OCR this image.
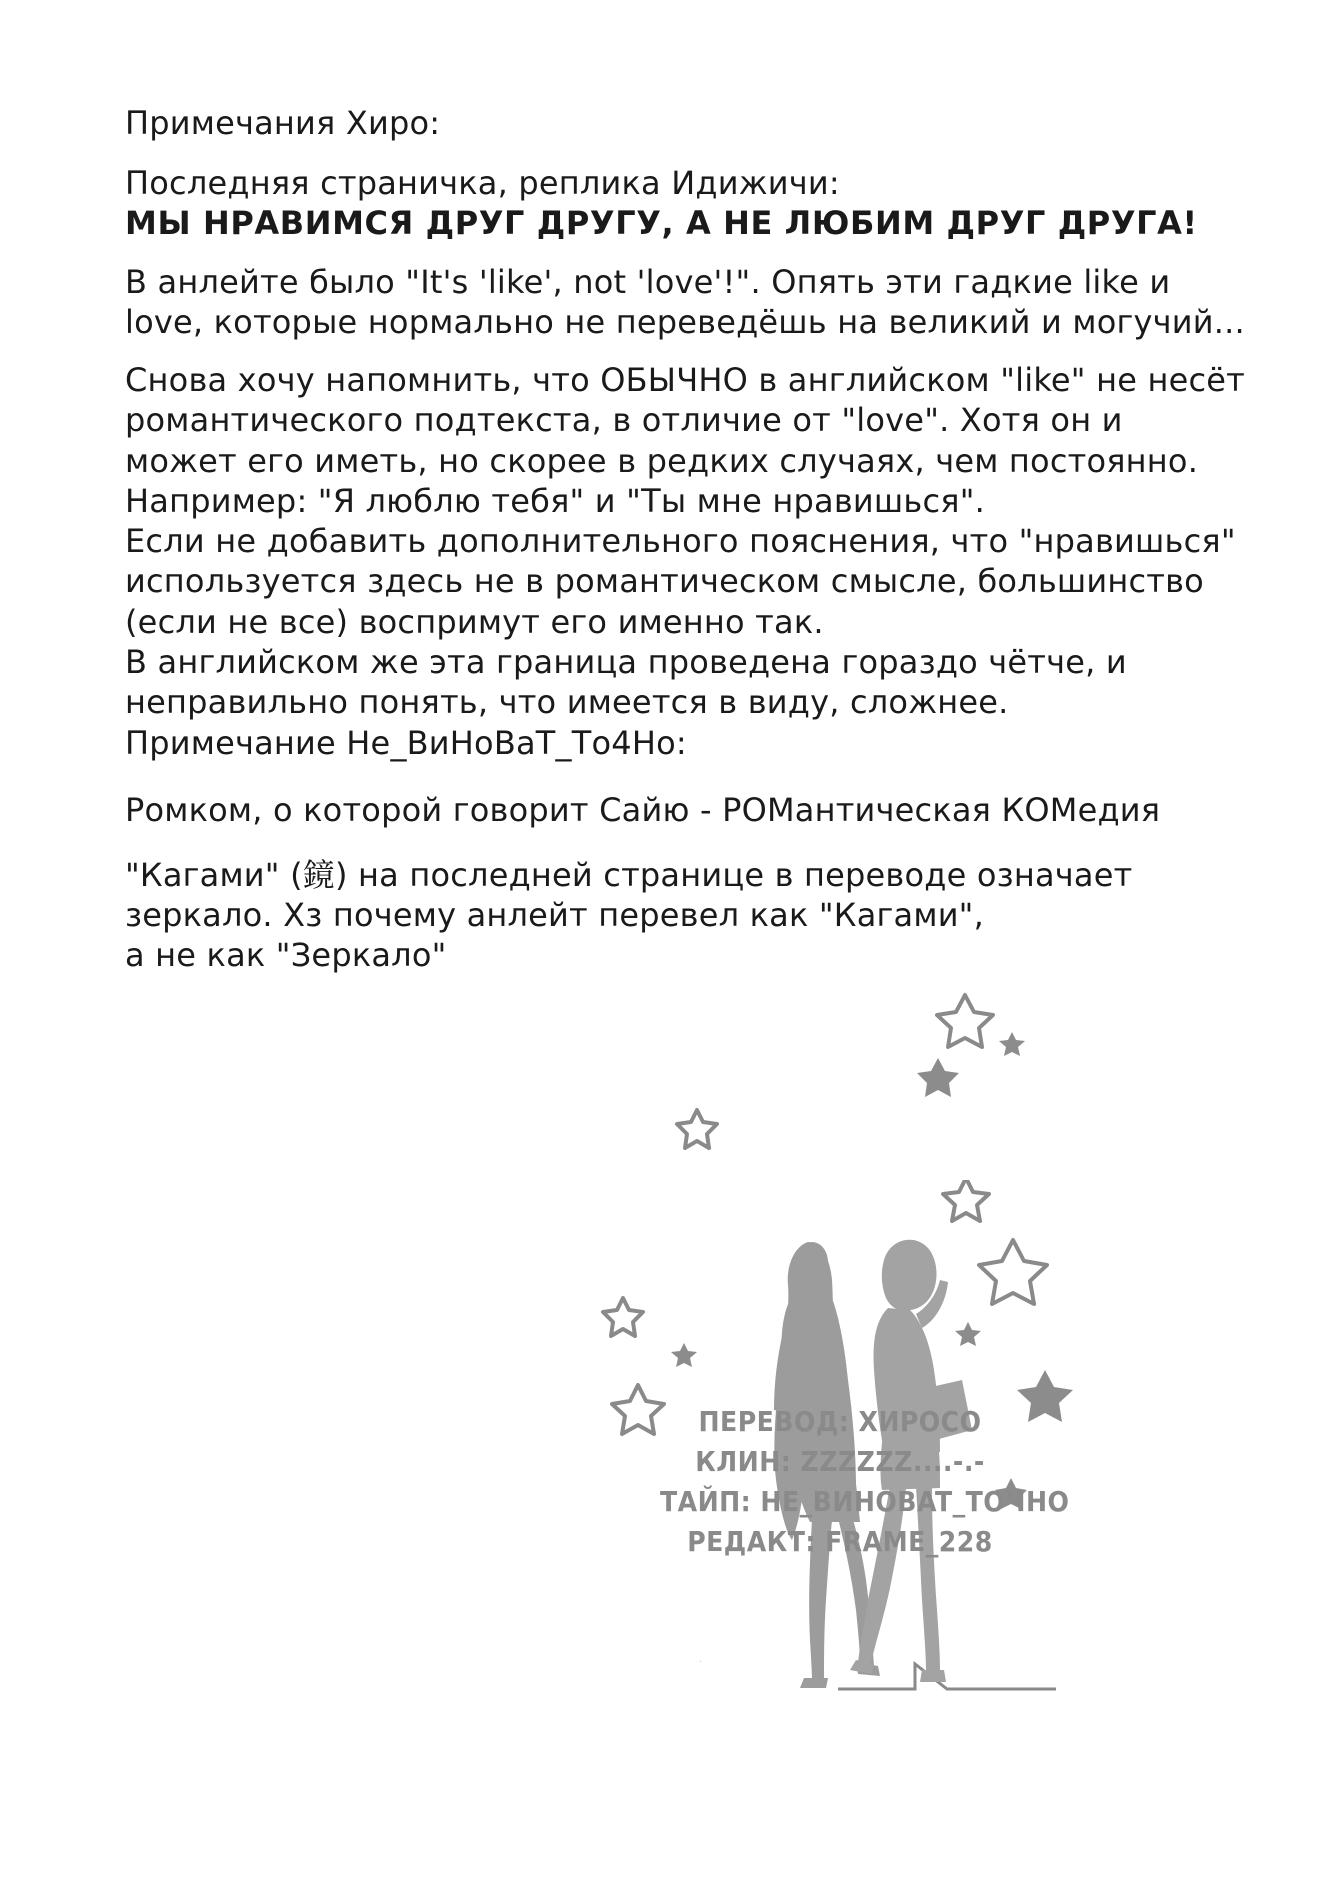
Примечания Хиро:

Последняя страничка, реплика Идижичи:

МЫ НРАВИМСЯ ДРУГ ДРУГУ, А НЕ ЛЮБИМ ДРУГ ДРУГА!

В анлейте было "It's 'like', not 'love'!". Опять эти гадкие like и

love, которые нормально не переведёшь на великий и могучий...

Снова хочу напомнить, что ОБЫЧНО в английском "like" не несёт

романтического подтекста, в отличие от "love". Хотя он и

может его иметь, но скорее в редких случаях, чем постоянно.

Например: "Я люблю тебя" и "Ты мне нравишься".

Если не добавить дополнительного пояснения, что "нравишься"

используется здесь не в романтическом смысле, большинство

(если не все) воспримут его именно так.

В английском же эта граница проведена гораздо чётче, и

неправильно понять, что имеется в виду, сложнее.

Примечание Не_ВиНоВаТ_То4Но:

Ромком, о которой говорит Сайю - РОМантическая КОМедия

"Кагами" (鏡) на последней странице в переводе означает

зеркало. Хз почему анлейт перевел как "Кагами",

а не как "Зеркало"

ПЕРЕВОД: ХИРОСО

КЛИН: ZZZZZZ....-.-

ТАЙП: НЕ_BИHOBAT_TOЧHO

РЕДАКТ: FRAME_228
